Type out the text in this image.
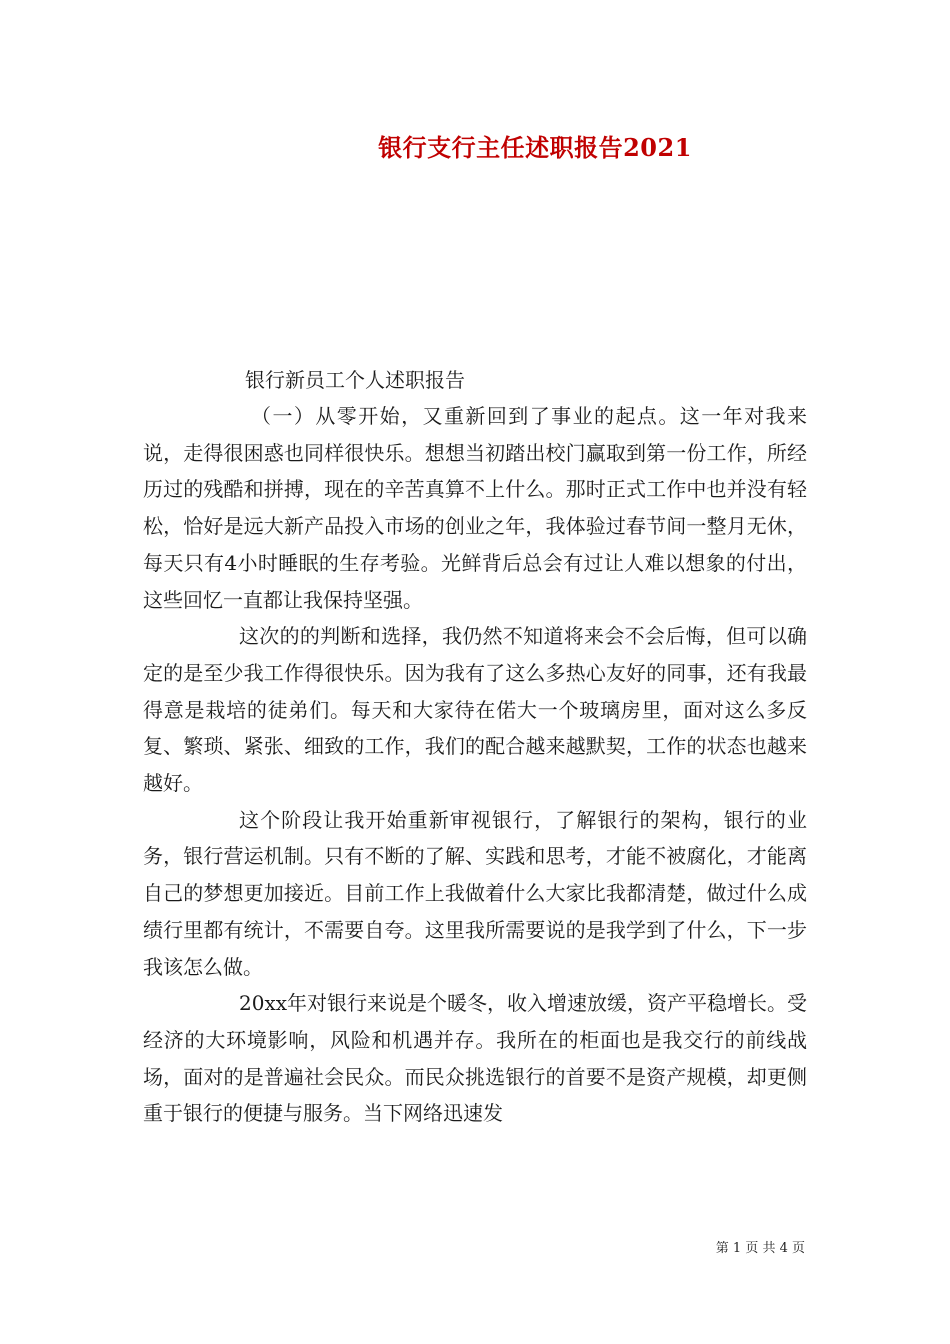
银行支行主任述职报告2021
银行新员工个人述职报告

（一）从零开始，又重新回到了事业的起点。这一年对我来说，走得很困惑也同样很快乐。想想当初踏出校门赢取到第一份工作，所经历过的残酷和拼搏，现在的辛苦真算不上什么。那时正式工作中也并没有轻松，恰好是远大新产品投入市场的创业之年，我体验过春节间一整月无休，每天只有4小时睡眠的生存考验。光鲜背后总会有过让人难以想象的付出，这些回忆一直都让我保持坚强。

这次的的判断和选择，我仍然不知道将来会不会后悔，但可以确定的是至少我工作得很快乐。因为我有了这么多热心友好的同事，还有我最得意是栽培的徒弟们。每天和大家待在偌大一个玻璃房里，面对这么多反复、繁琐、紧张、细致的工作，我们的配合越来越默契，工作的状态也越来越好。

这个阶段让我开始重新审视银行，了解银行的架构，银行的业务，银行营运机制。只有不断的了解、实践和思考，才能不被腐化，才能离自己的梦想更加接近。目前工作上我做着什么大家比我都清楚，做过什么成绩行里都有统计，不需要自夸。这里我所需要说的是我学到了什么，下一步我该怎么做。

20xx年对银行来说是个暖冬，收入增速放缓，资产平稳增长。受经济的大环境影响，风险和机遇并存。我所在的柜面也是我交行的前线战场，面对的是普遍社会民众。而民众挑选银行的首要不是资产规模，却更侧重于银行的便捷与服务。当下网络迅速发

第 1 页 共 4 页
